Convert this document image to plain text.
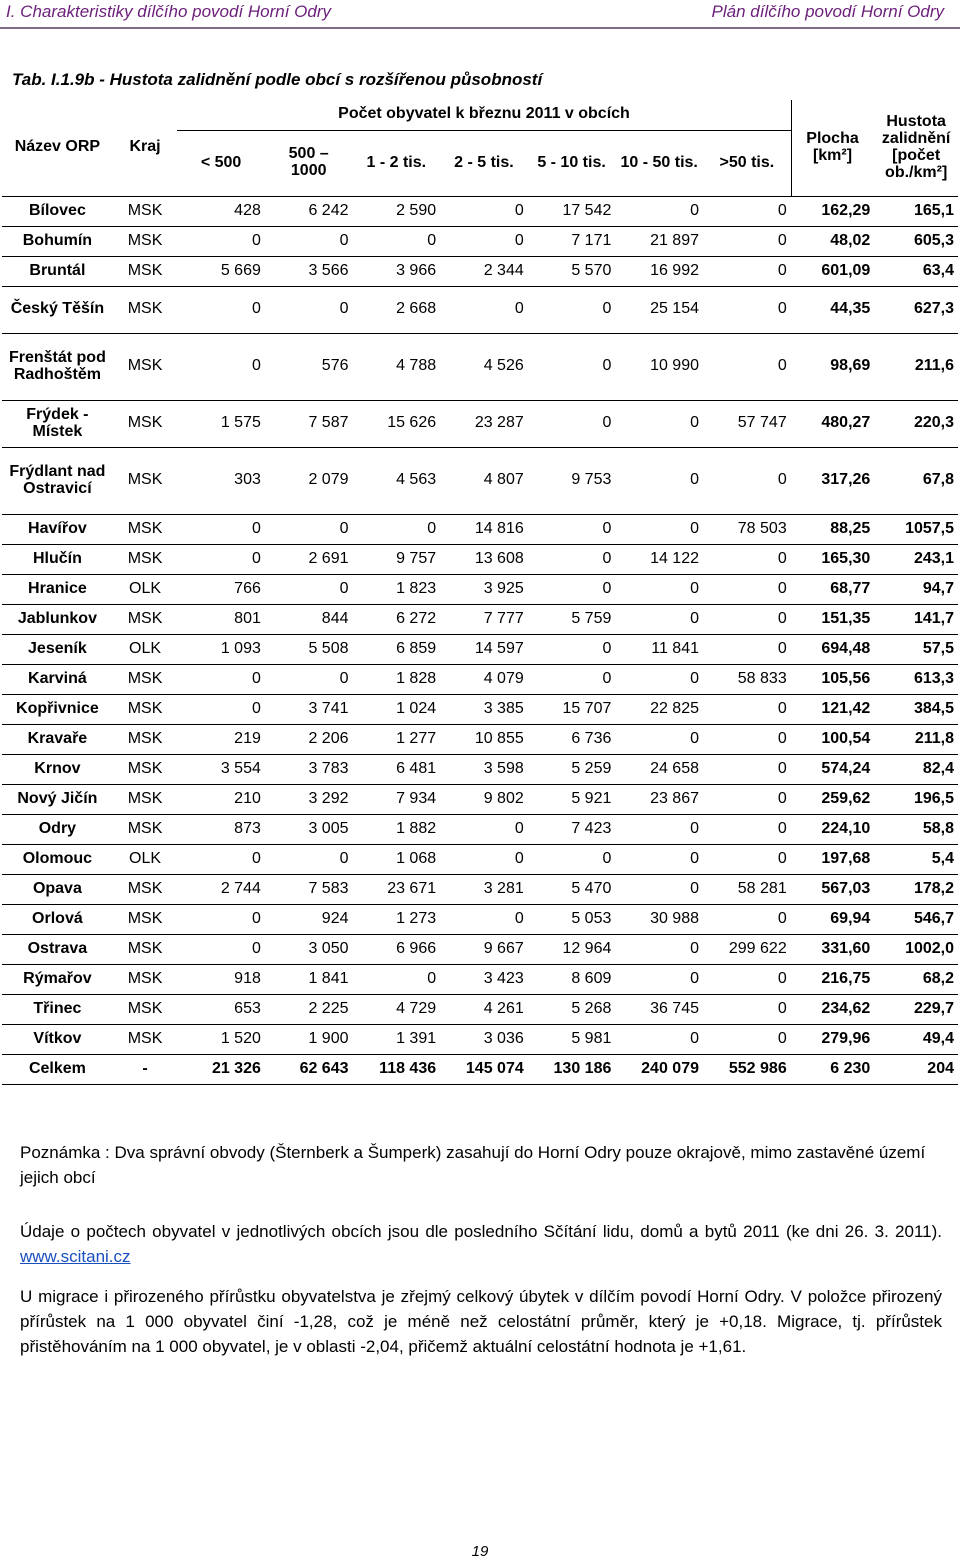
I. Charakteristiky dílčího povodí Horní Odry	Plán dílčího povodí Horní Odry
Tab. I.1.9b - Hustota zalidnění podle obcí s rozšířenou působností
Název ORP	Kraj	Počet obyvatel k březnu 2011 v obcích							Plocha [km²]	Hustota zalidnění [počet ob./km²]
		< 500	500 – 1000	1 - 2 tis.	2 - 5 tis.	5 - 10 tis.	10 - 50 tis.	>50 tis.		
Bílovec	MSK	428	6 242	2 590	0	17 542	0	0	162,29	165,1
Bohumín	MSK	0	0	0	0	7 171	21 897	0	48,02	605,3
Bruntál	MSK	5 669	3 566	3 966	2 344	5 570	16 992	0	601,09	63,4
Český Těšín	MSK	0	0	2 668	0	0	25 154	0	44,35	627,3
Frenštát pod Radhoštěm	MSK	0	576	4 788	4 526	0	10 990	0	98,69	211,6
Frýdek - Místek	MSK	1 575	7 587	15 626	23 287	0	0	57 747	480,27	220,3
Frýdlant nad Ostravicí	MSK	303	2 079	4 563	4 807	9 753	0	0	317,26	67,8
Havířov	MSK	0	0	0	14 816	0	0	78 503	88,25	1057,5
Hlučín	MSK	0	2 691	9 757	13 608	0	14 122	0	165,30	243,1
Hranice	OLK	766	0	1 823	3 925	0	0	0	68,77	94,7
Jablunkov	MSK	801	844	6 272	7 777	5 759	0	0	151,35	141,7
Jeseník	OLK	1 093	5 508	6 859	14 597	0	11 841	0	694,48	57,5
Karviná	MSK	0	0	1 828	4 079	0	0	58 833	105,56	613,3
Kopřivnice	MSK	0	3 741	1 024	3 385	15 707	22 825	0	121,42	384,5
Kravaře	MSK	219	2 206	1 277	10 855	6 736	0	0	100,54	211,8
Krnov	MSK	3 554	3 783	6 481	3 598	5 259	24 658	0	574,24	82,4
Nový Jičín	MSK	210	3 292	7 934	9 802	5 921	23 867	0	259,62	196,5
Odry	MSK	873	3 005	1 882	0	7 423	0	0	224,10	58,8
Olomouc	OLK	0	0	1 068	0	0	0	0	197,68	5,4
Opava	MSK	2 744	7 583	23 671	3 281	5 470	0	58 281	567,03	178,2
Orlová	MSK	0	924	1 273	0	5 053	30 988	0	69,94	546,7
Ostrava	MSK	0	3 050	6 966	9 667	12 964	0	299 622	331,60	1002,0
Rýmařov	MSK	918	1 841	0	3 423	8 609	0	0	216,75	68,2
Třinec	MSK	653	2 225	4 729	4 261	5 268	36 745	0	234,62	229,7
Vítkov	MSK	1 520	1 900	1 391	3 036	5 981	0	0	279,96	49,4
Celkem	-	21 326	62 643	118 436	145 074	130 186	240 079	552 986	6 230	204
Poznámka : Dva správní obvody (Šternberk a Šumperk) zasahují do Horní Odry pouze okrajově, mimo zastavěné území jejich obcí
Údaje o počtech obyvatel v jednotlivých obcích jsou dle posledního Sčítání lidu, domů a bytů 2011 (ke dni 26. 3. 2011). www.scitani.cz
U migrace i přirozeného přírůstku obyvatelstva je zřejmý celkový úbytek v dílčím povodí Horní Odry. V položce přirozený přírůstek na 1 000 obyvatel činí -1,28, což je méně než celostátní průměr, který je +0,18. Migrace, tj. přírůstek přistěhováním na 1 000 obyvatel, je v oblasti -2,04, přičemž aktuální celostátní hodnota je +1,61.
19
